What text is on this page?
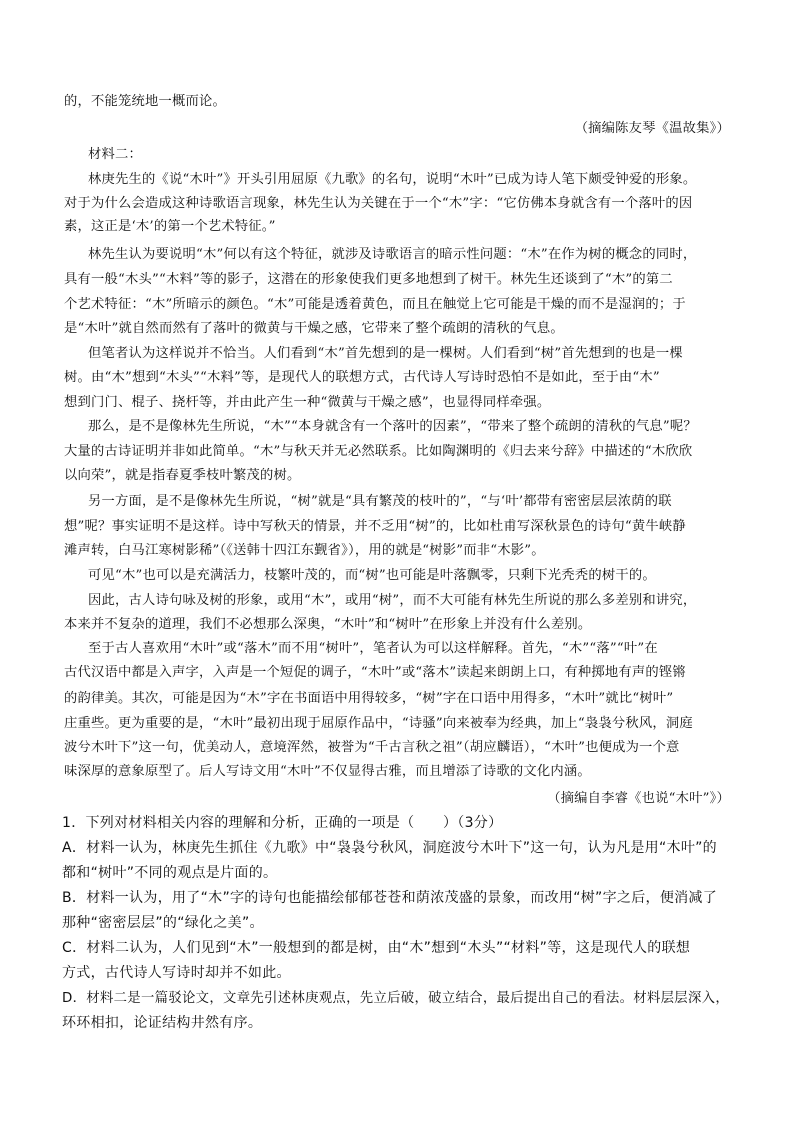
的，不能笼统地一概而论。
（摘编陈友琴《温故集》）
材料二：
林庚先生的《说“木叶”》开头引用屈原《九歌》的名句，说明“木叶”已成为诗人笔下颇受钟爱的形象。
对于为什么会造成这种诗歌语言现象，林先生认为关键在于一个“木”字：“它仿佛本身就含有一个落叶的因
素，这正是‘木’的第一个艺术特征。”
林先生认为要说明“木”何以有这个特征，就涉及诗歌语言的暗示性问题：“木”在作为树的概念的同时，
具有一般“木头”“木料”等的影子，这潜在的形象使我们更多地想到了树干。林先生还谈到了“木”的第二
个艺术特征：“木”所暗示的颜色。“木”可能是透着黄色，而且在触觉上它可能是干燥的而不是湿润的；于
是“木叶”就自然而然有了落叶的微黄与干燥之感，它带来了整个疏朗的清秋的气息。
但笔者认为这样说并不恰当。人们看到“木”首先想到的是一棵树。人们看到“树”首先想到的也是一棵
树。由“木”想到“木头”“木料”等，是现代人的联想方式，古代诗人写诗时恐怕不是如此，至于由“木”
想到门门、棍子、挠杆等，并由此产生一种“微黄与干燥之感”，也显得同样牵强。
那么，是不是像林先生所说，“木”“本身就含有一个落叶的因素”，“带来了整个疏朗的清秋的气息”呢？
大量的古诗证明并非如此简单。“木”与秋天并无必然联系。比如陶渊明的《归去来兮辞》中描述的“木欣欣
以向荣”，就是指春夏季枝叶繁茂的树。
另一方面，是不是像林先生所说，“树”就是“具有繁茂的枝叶的”，“与‘叶’都带有密密层层浓荫的联
想”呢？事实证明不是这样。诗中写秋天的情景，并不乏用“树”的，比如杜甫写深秋景色的诗句“黄牛峡静
滩声转，白马江寒树影稀”（《送韩十四江东觐省》），用的就是“树影”而非“木影”。
可见“木”也可以是充满活力，枝繁叶茂的，而“树”也可能是叶落飘零，只剩下光秃秃的树干的。
因此，古人诗句咏及树的形象，或用“木”，或用“树”，而不大可能有林先生所说的那么多差别和讲究，
本来并不复杂的道理，我们不必想那么深奥，“木叶”和“树叶”在形象上并没有什么差别。
至于古人喜欢用“木叶”或“落木”而不用“树叶”，笔者认为可以这样解释。首先，“木”“落”“叶”在
古代汉语中都是入声字，入声是一个短促的调子，“木叶”或“落木”读起来朗朗上口，有种掷地有声的铿锵
的韵律美。其次，可能是因为“木”字在书面语中用得较多，“树”字在口语中用得多，“木叶”就比“树叶”
庄重些。更为重要的是，“木叶”最初出现于屈原作品中，“诗骚”向来被奉为经典，加上“袅袅兮秋风，洞庭
波兮木叶下”这一句，优美动人，意境浑然，被誉为“千古言秋之祖”（胡应麟语），“木叶”也便成为一个意
味深厚的意象原型了。后人写诗文用“木叶”不仅显得古雅，而且增添了诗歌的文化内涵。
（摘编自李睿《也说“木叶”》）
1．下列对材料相关内容的理解和分析，正确的一项是（　　）（3分）
A．材料一认为，林庚先生抓住《九歌》中“袅袅兮秋风，洞庭波兮木叶下”这一句，认为凡是用“木叶”的
都和“树叶”不同的观点是片面的。
B．材料一认为，用了“木”字的诗句也能描绘郁郁苍苍和荫浓茂盛的景象，而改用“树”字之后，便消减了
那种“密密层层”的“绿化之美”。
C．材料二认为，人们见到“木”一般想到的都是树，由“木”想到“木头”“材料”等，这是现代人的联想
方式，古代诗人写诗时却并不如此。
D．材料二是一篇驳论文，文章先引述林庚观点，先立后破，破立结合，最后提出自己的看法。材料层层深入，
环环相扣，论证结构井然有序。
